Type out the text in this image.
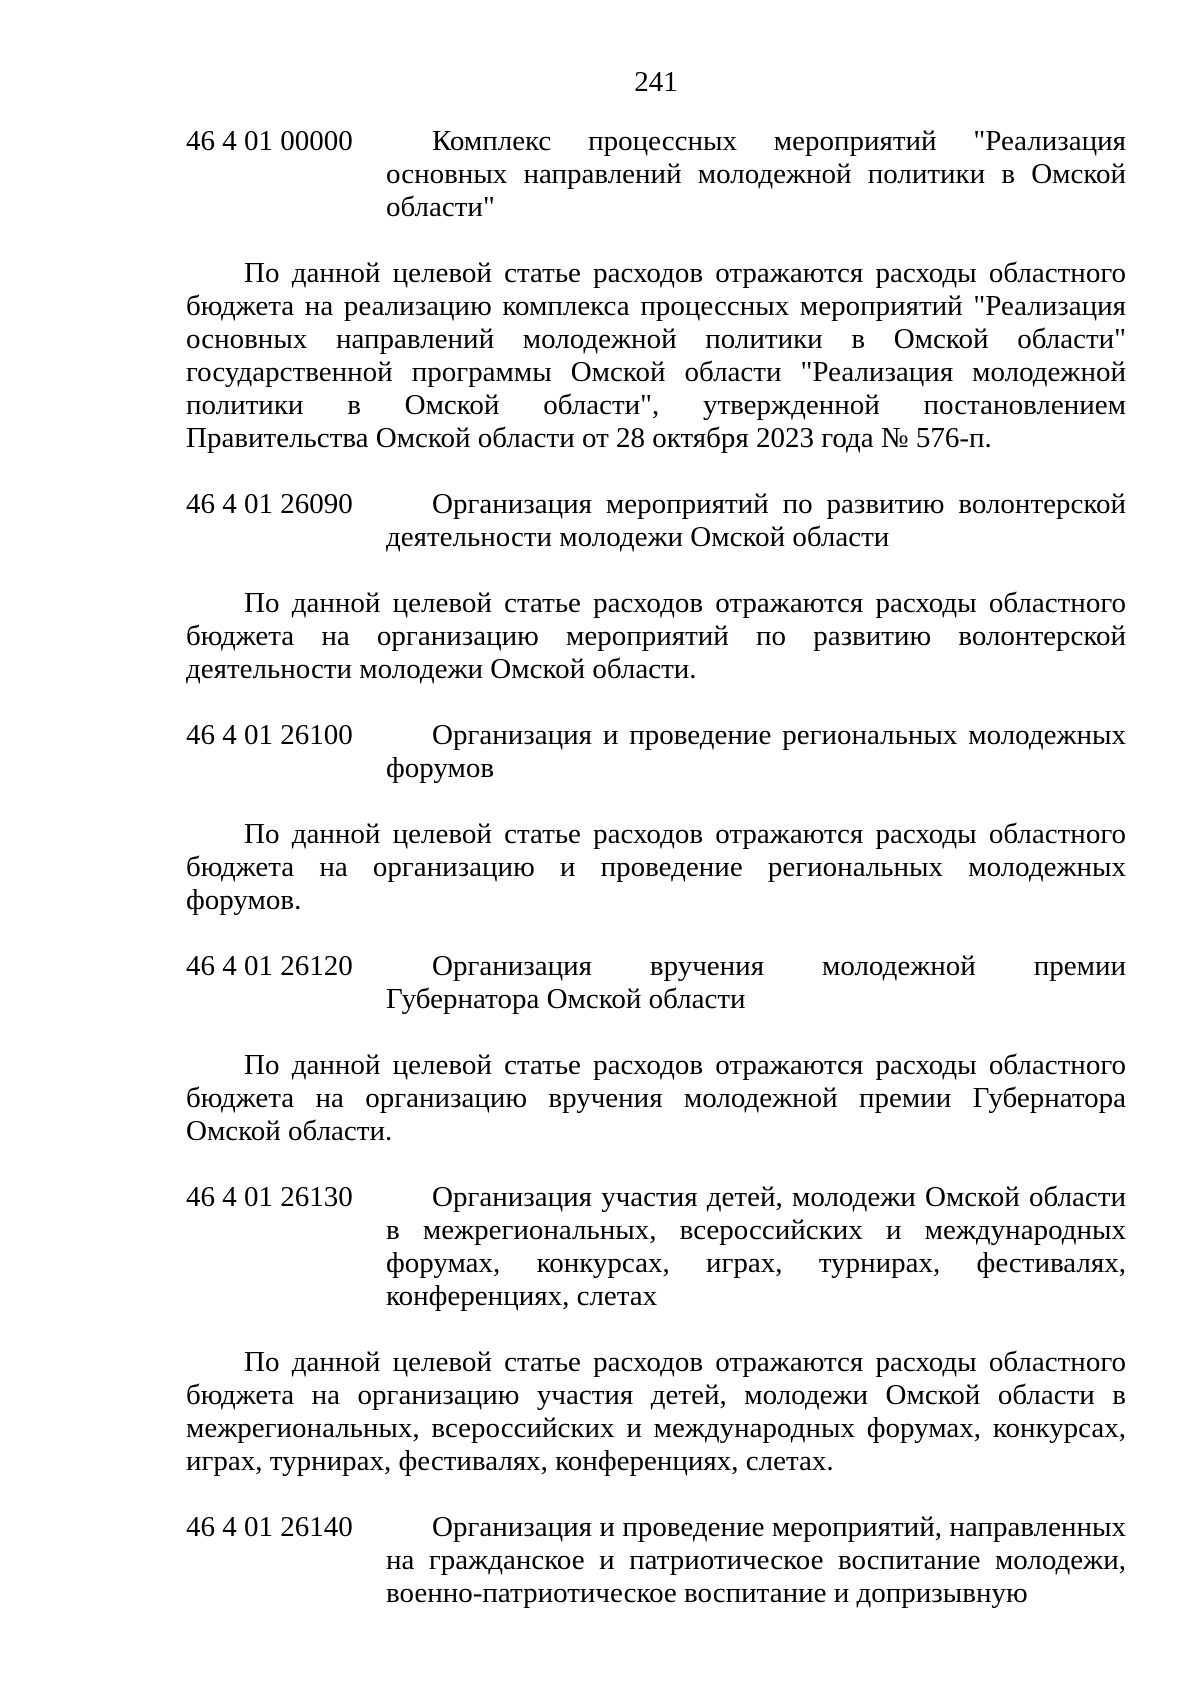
241
46 4 01 00000	Комплекс процессных мероприятий "Реализация основных направлений молодежной политики в Омской области"

По данной целевой статье расходов отражаются расходы областного бюджета на реализацию комплекса процессных мероприятий "Реализация основных направлений молодежной политики в Омской области" государственной программы Омской области "Реализация молодежной политики в Омской области", утвержденной постановлением Правительства Омской области от 28 октября 2023 года № 576-п.

46 4 01 26090	Организация мероприятий по развитию волонтерской деятельности молодежи Омской области

По данной целевой статье расходов отражаются расходы областного бюджета на организацию мероприятий по развитию волонтерской деятельности молодежи Омской области.

46 4 01 26100	Организация и проведение региональных молодежных форумов

По данной целевой статье расходов отражаются расходы областного бюджета на организацию и проведение региональных молодежных форумов.

46 4 01 26120	Организация вручения молодежной премии Губернатора Омской области

По данной целевой статье расходов отражаются расходы областного бюджета на организацию вручения молодежной премии Губернатора Омской области.

46 4 01 26130	Организация участия детей, молодежи Омской области в межрегиональных, всероссийских и международных форумах, конкурсах, играх, турнирах, фестивалях, конференциях, слетах

По данной целевой статье расходов отражаются расходы областного бюджета на организацию участия детей, молодежи Омской области в межрегиональных, всероссийских и международных форумах, конкурсах, играх, турнирах, фестивалях, конференциях, слетах.

46 4 01 26140	Организация и проведение мероприятий, направленных на гражданское и патриотическое воспитание молодежи, военно-патриотическое воспитание и допризывную
